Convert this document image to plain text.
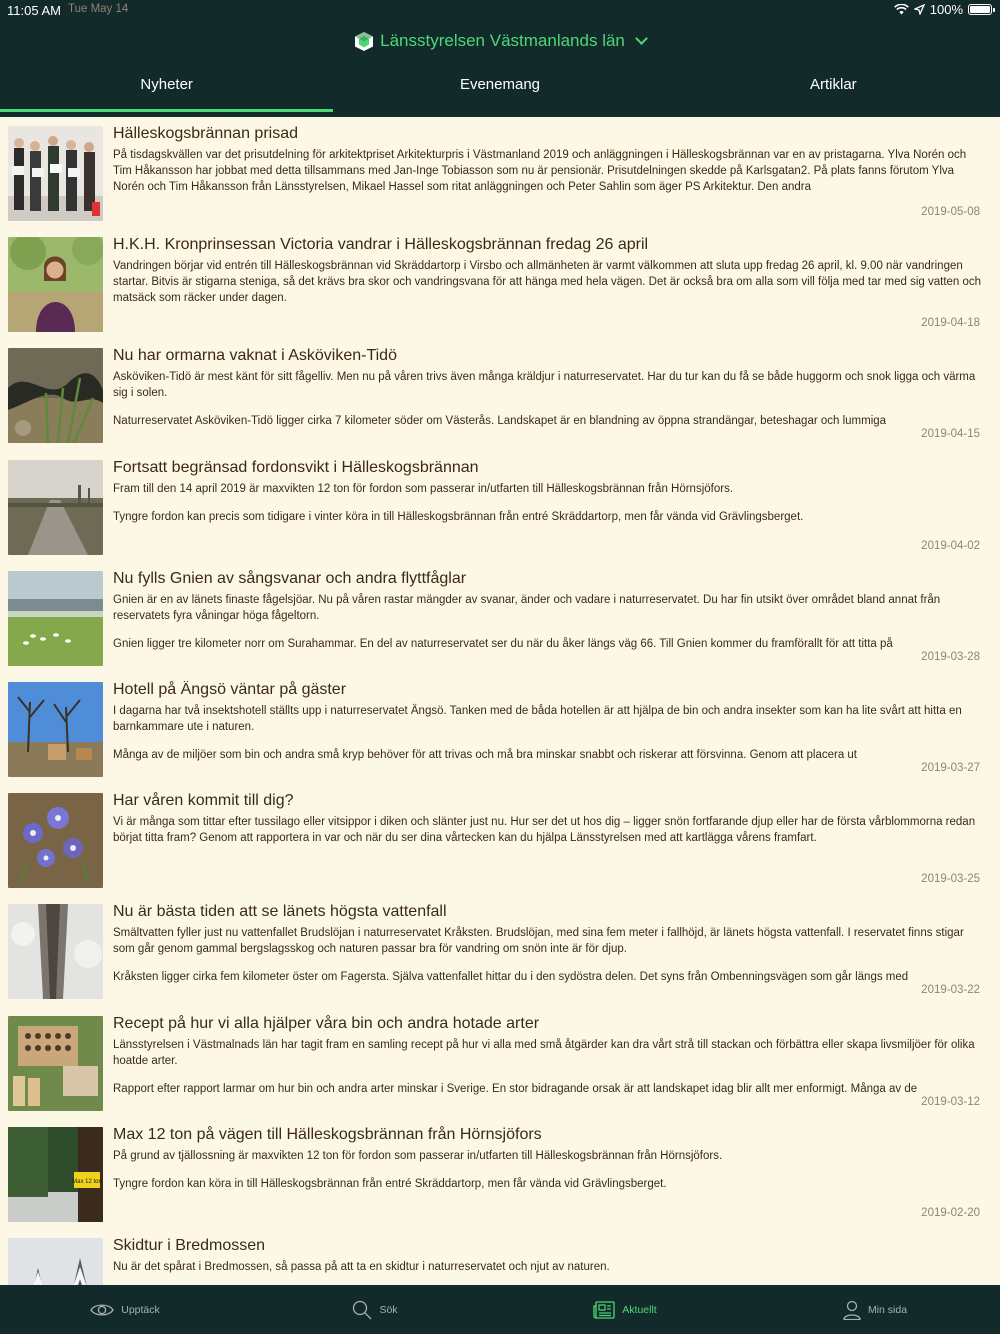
11:05 AM Tue May 14	100%
Länsstyrelsen Västmanlands län
Nyheter	Evenemang	Artiklar
Hälleskogsbrännan prisad

På tisdagskvällen var det prisutdelning för arkitektpriset Arkitekturpris i Västmanland 2019 och anläggningen i Hälleskogsbrännan var en av pristagarna. Ylva Norén och Tim Håkansson har jobbat med detta tillsammans med Jan-Inge Tobiasson som nu är pensionär. Prisutdelningen skedde på Karlsgatan2. På plats fanns förutom Ylva Norén och Tim Håkansson från Länsstyrelsen, Mikael Hassel som ritat anläggningen och Peter Sahlin som äger PS Arkitektur. Den andra

2019-05-08
H.K.H. Kronprinsessan Victoria vandrar i Hälleskogsbrännan fredag 26 april

Vandringen börjar vid entrén till Hälleskogsbrännan vid Skräddartorp i Virsbo och allmänheten är varmt välkommen att sluta upp fredag 26 april, kl. 9.00 när vandringen startar. Bitvis är stigarna steniga, så det krävs bra skor och vandringsvana för att hänga med hela vägen. Det är också bra om alla som vill följa med tar med sig vatten och matsäck som räcker under dagen.

2019-04-18
Nu har ormarna vaknat i Asköviken-Tidö

Asköviken-Tidö är mest känt för sitt fågelliv. Men nu på våren trivs även många kräldjur i naturreservatet. Har du tur kan du få se både huggorm och snok ligga och värma sig i solen.

Naturreservatet Asköviken-Tidö ligger cirka 7 kilometer söder om Västerås. Landskapet är en blandning av öppna strandängar, beteshagar och lummiga

2019-04-15
Fortsatt begränsad fordonsvikt i Hälleskogsbrännan

Fram till den 14 april 2019 är maxvikten 12 ton för fordon som passerar in/utfarten till Hälleskogsbrännan från Hörnsjöfors.

Tyngre fordon kan precis som tidigare i vinter köra in till Hälleskogsbrännan från entré Skräddartorp, men får vända vid Grävlingsberget.

2019-04-02
Nu fylls Gnien av sångsvanar och andra flyttfåglar

Gnien är en av länets finaste fågelsjöar. Nu på våren rastar mängder av svanar, änder och vadare i naturreservatet. Du har fin utsikt över området bland annat från reservatets fyra våningar höga fågeltorn.

Gnien ligger tre kilometer norr om Surahammar. En del av naturreservatet ser du när du åker längs väg 66. Till Gnien kommer du framförallt för att titta på

2019-03-28
Hotell på Ängsö väntar på gäster

I dagarna har två insektshotell ställts upp i naturreservatet Ängsö. Tanken med de båda hotellen är att hjälpa de bin och andra insekter som kan ha lite svårt att hitta en barnkammare ute i naturen.

Många av de miljöer som bin och andra små kryp behöver för att trivas och må bra minskar snabbt och riskerar att försvinna. Genom att placera ut

2019-03-27
Har våren kommit till dig?

Vi är många som tittar efter tussilago eller vitsippor i diken och slänter just nu. Hur ser det ut hos dig – ligger snön fortfarande djup eller har de första vårblommorna redan börjat titta fram? Genom att rapportera in var och när du ser dina vårtecken kan du hjälpa Länsstyrelsen med att kartlägga vårens framfart.

2019-03-25
Nu är bästa tiden att se länets högsta vattenfall

Smältvatten fyller just nu vattenfallet Brudslöjan i naturreservatet Kråksten. Brudslöjan, med sina fem meter i fallhöjd, är länets högsta vattenfall. I reservatet finns stigar som går genom gammal bergslagsskog och naturen passar bra för vandring om snön inte är för djup.

Kråksten ligger cirka fem kilometer öster om Fagersta. Själva vattenfallet hittar du i den sydöstra delen. Det syns från Ombenningsvägen som går längs med

2019-03-22
Recept på hur vi alla hjälper våra bin och andra hotade arter

Länsstyrelsen i Västmalnads län har tagit fram en samling recept på hur vi alla med små åtgärder kan dra vårt strå till stackan och förbättra eller skapa livsmiljöer för olika hoatde arter.

Rapport efter rapport larmar om hur bin och andra arter minskar i Sverige. En stor bidragande orsak är att landskapet idag blir allt mer enformigt. Många av de

2019-03-12
Max 12 ton
Max 12 ton på vägen till Hälleskogsbrännan från Hörnsjöfors

På grund av tjällossning är maxvikten 12 ton för fordon som passerar in/utfarten till Hälleskogsbrännan från Hörnsjöfors.

Tyngre fordon kan köra in till Hälleskogsbrännan från entré Skräddartorp, men får vända vid Grävlingsberget.

2019-02-20
Skidtur i Bredmossen

Nu är det spårat i Bredmossen, så passa på att ta en skidtur i naturreservatet och njut av naturen.

Upptäck	Sök	Aktuellt	Min sida
